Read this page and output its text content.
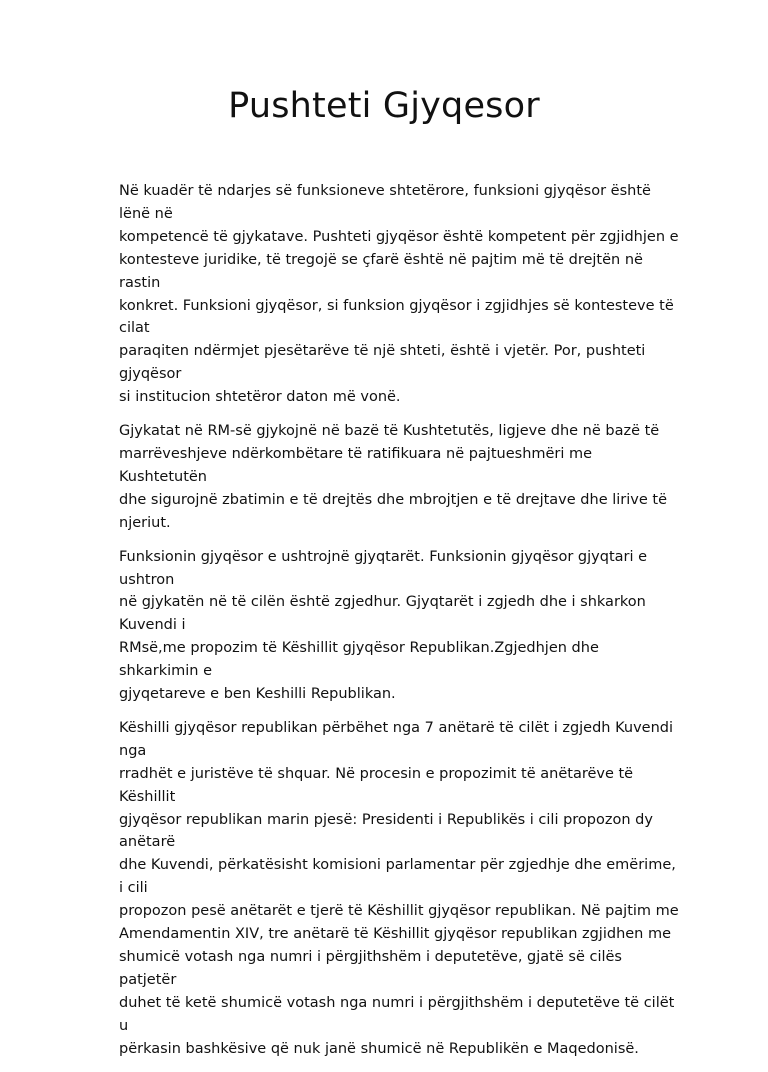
Pushteti Gjyqesor

Në kuadër të ndarjes së funksioneve shtetërore, funksioni gjyqësor është lënë në
kompetencë të gjykatave. Pushteti gjyqësor është kompetent për zgjidhjen e
kontesteve juridike, të tregojë se çfarë është në pajtim më të drejtën në rastin
konkret. Funksioni gjyqësor, si funksion gjyqësor i zgjidhjes së kontesteve të cilat
paraqiten ndërmjet pjesëtarëve të një shteti, është i vjetër. Por, pushteti gjyqësor
si institucion shtetëror daton më vonë.

Gjykatat në RM-së gjykojnë në bazë të Kushtetutës, ligjeve dhe në bazë të
marrëveshjeve ndërkombëtare të ratifikuara në pajtueshmëri me Kushtetutën
dhe sigurojnë zbatimin e të drejtës dhe mbrojtjen e të drejtave dhe lirive të
njeriut.

Funksionin gjyqësor e ushtrojnë gjyqtarët. Funksionin gjyqësor gjyqtari e ushtron
në gjykatën në të cilën është zgjedhur. Gjyqtarët i zgjedh dhe i shkarkon Kuvendi i
RMsë,me propozim të Këshillit gjyqësor Republikan.Zgjedhjen dhe shkarkimin e
gjyqetareve e ben Keshilli Republikan.

Këshilli gjyqësor republikan përbëhet nga 7 anëtarë të cilët i zgjedh Kuvendi nga
rradhët e juristëve të shquar. Në procesin e propozimit të anëtarëve të Këshillit
gjyqësor republikan marin pjesë: Presidenti i Republikës i cili propozon dy anëtarë
dhe Kuvendi, përkatësisht komisioni parlamentar për zgjedhje dhe emërime, i cili
propozon pesë anëtarët e tjerë të Këshillit gjyqësor republikan. Në pajtim me
Amendamentin XIV, tre anëtarë të Këshillit gjyqësor republikan zgjidhen me
shumicë votash nga numri i përgjithshëm i deputetëve, gjatë së cilës patjetër
duhet të ketë shumicë votash nga numri i përgjithshëm i deputetëve të cilët u
përkasin bashkësive që nuk janë shumicë në Republikën e Maqedonisë.
